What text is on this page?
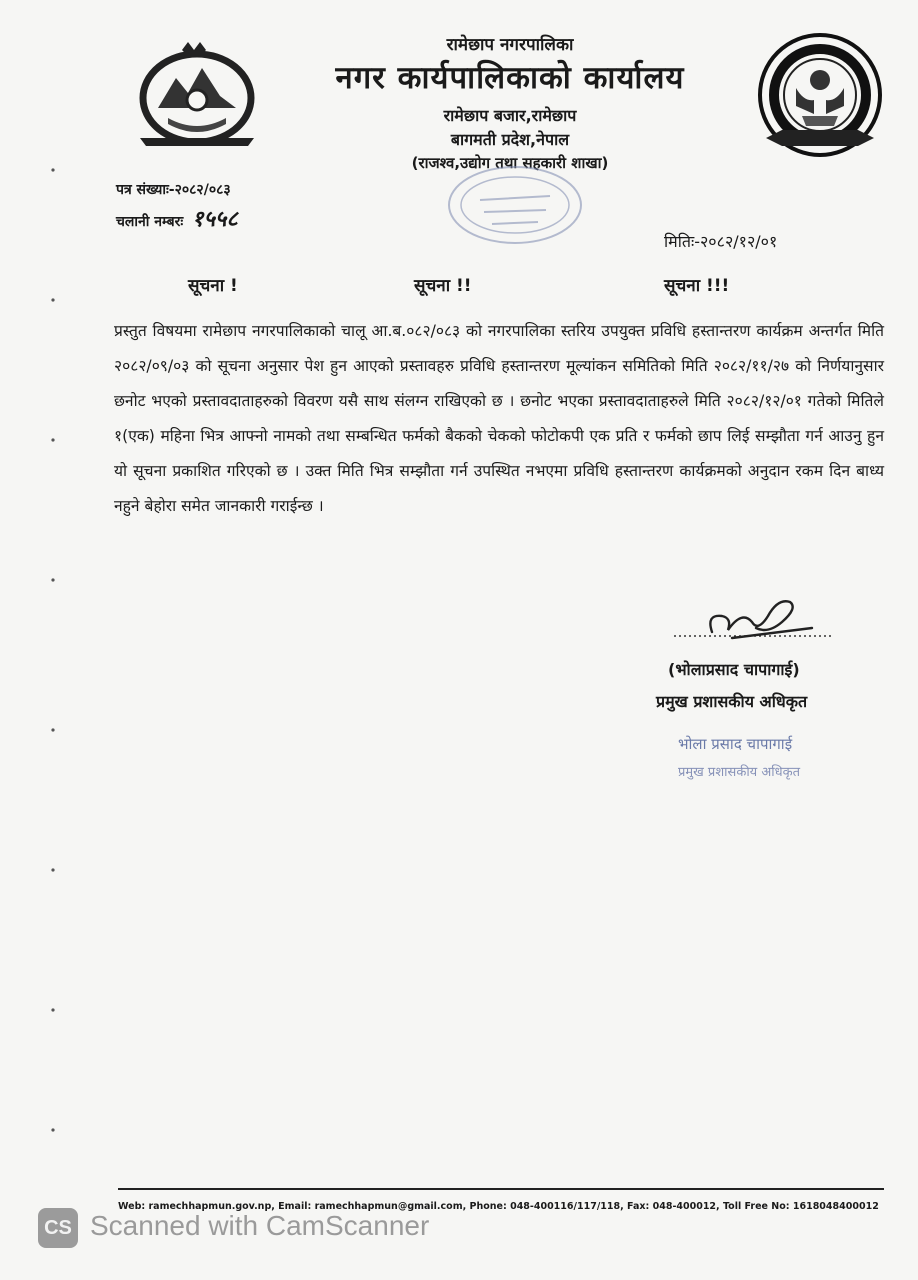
रामेछाप नगरपालिका
नगर कार्यपालिकाको कार्यालय
रामेछाप बजार,रामेछाप
बागमती प्रदेश,नेपाल
(राजश्व,उद्योग तथा सहकारी शाखा)
पत्र संख्याः-२०८२/०८३
चलानी नम्बरः १५५८
मितिः-२०८२/१२/०१
सूचना !	सूचना !!	सूचना !!!
प्रस्तुत विषयमा रामेछाप नगरपालिकाको चालू आ.ब.०८२/०८३ को नगरपालिका स्तरिय उपयुक्त प्रविधि हस्तान्तरण कार्यक्रम अन्तर्गत मिति २०८२/०९/०३ को सूचना अनुसार पेश हुन आएको प्रस्तावहरु प्रविधि हस्तान्तरण मूल्यांकन समितिको मिति २०८२/११/२७ को निर्णयानुसार छनोट भएको प्रस्तावदाताहरुको विवरण यसै साथ संलग्न राखिएको छ । छनोट भएका प्रस्तावदाताहरुले मिति २०८२/१२/०१ गतेको मितिले १(एक) महिना भित्र आफ्नो नामको तथा सम्बन्धित फर्मको बैकको चेकको फोटोकपी एक प्रति र फर्मको छाप लिई सम्झौता गर्न आउनु हुन यो सूचना प्रकाशित गरिएको छ । उक्त मिति भित्र सम्झौता गर्न उपस्थित नभएमा प्रविधि हस्तान्तरण कार्यक्रमको अनुदान रकम दिन बाध्य नहुने बेहोरा समेत जानकारी गराईन्छ ।
(भोलाप्रसाद चापागाई)
प्रमुख प्रशासकीय अधिकृत
भोला प्रसाद चापागाई
प्रमुख प्रशासकीय अधिकृत
Web: ramechhapmun.gov.np, Email: ramechhapmun@gmail.com, Phone: 048-400116/117/118, Fax: 048-400012, Toll Free No: 16180484000​12
CS Scanned with CamScanner
